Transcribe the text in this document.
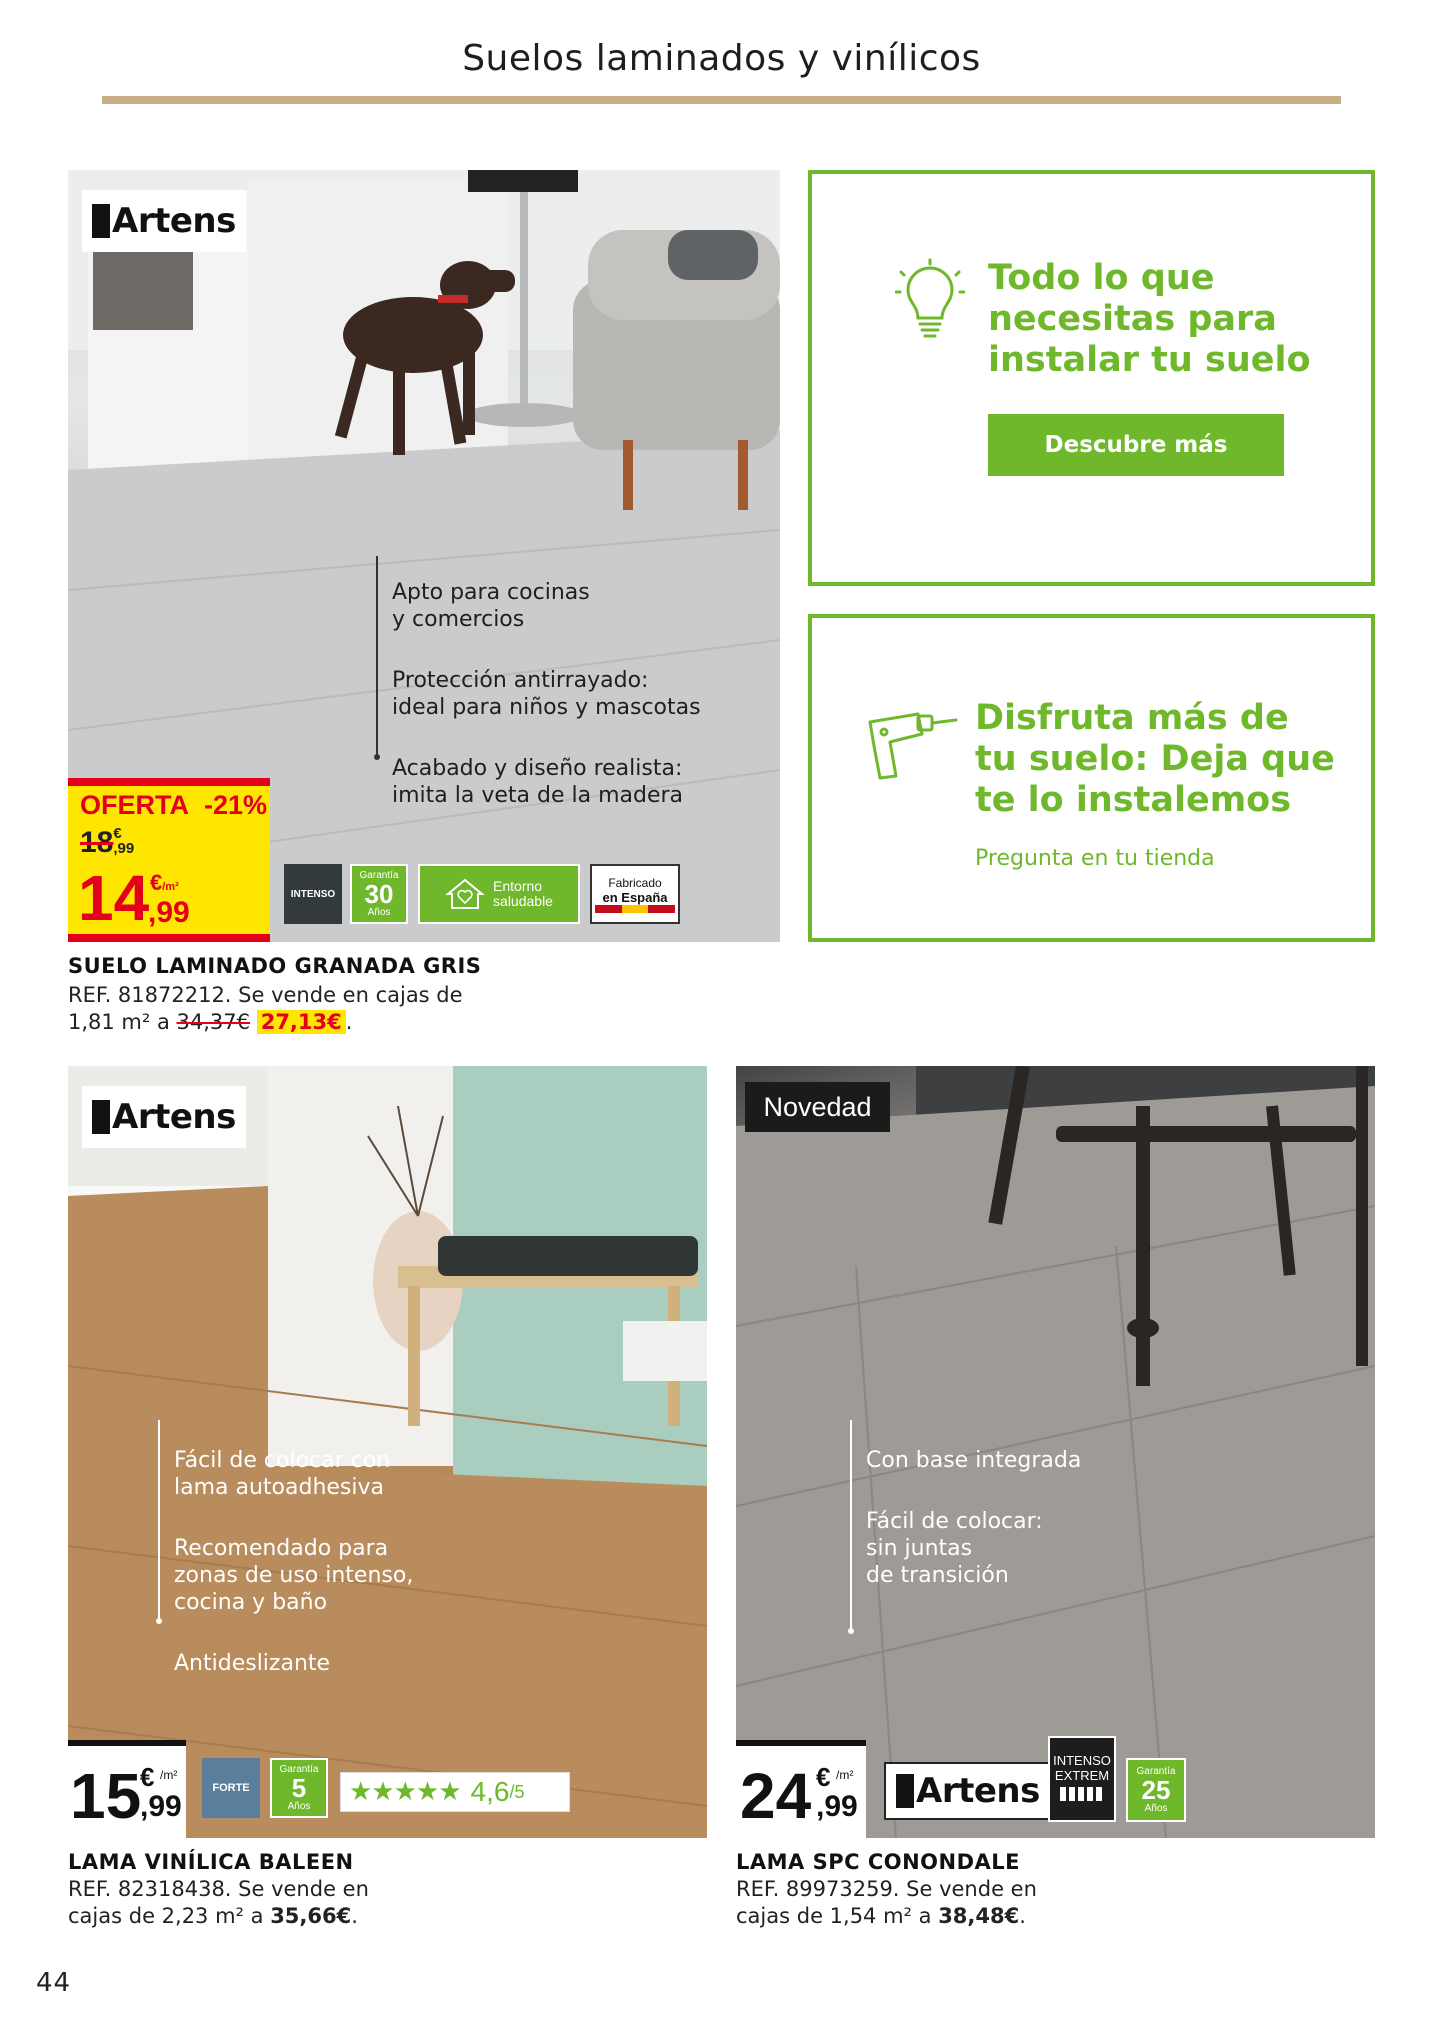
Suelos laminados y vinílicos
Artens

Apto para cocinas
y comercios

Protección antirrayado:
ideal para niños y mascotas

Acabado y diseño realista:
imita la veta de la madera

OFERTA -21%
18€
,99
14 €/m²
,99
INTENSO
Garantía
30
Años
Entorno
saludable
Fabricado
en España
SUELO LAMINADO GRANADA GRIS
REF. 81872212. Se vende en cajas de
1,81 m² a 34,37€ 27,13€ .
Todo lo que
necesitas para
instalar tu suelo
Descubre más
Disfruta más de
tu suelo: Deja que
te lo instalemos
Pregunta en tu tienda
Artens

Fácil de colocar con
lama autoadhesiva

Recomendado para
zonas de uso intenso,
cocina y baño

Antideslizante

15
€ /m²
,99
FORTE
Garantía
5
Años ★★★★★ 4,6 /5
LAMA VINÍLICA BALEEN
REF. 82318438. Se vende en
cajas de 2,23 m² a 35,66€.
Novedad

Con base integrada

Fácil de colocar:
sin juntas
de transición

24 € /m²
,99 Artens
INTENSO
EXTREM	Garantía
25
Años
LAMA SPC CONONDALE
REF. 89973259. Se vende en
cajas de 1,54 m² a 38,48€.
44
